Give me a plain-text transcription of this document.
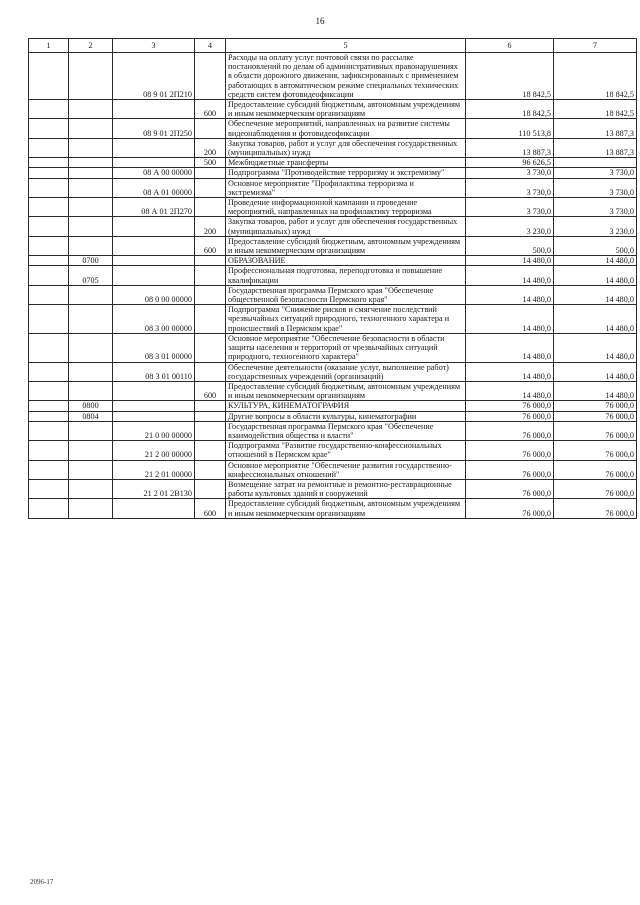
16
1	2	3	4	5	6	7
		08 9 01 2П210		Расходы на оплату услуг почтовой связи по рассылке постановлений по делам об административных правонарушениях в области дорожного движения, зафиксированных с применением работающих в автоматическом режиме специальных технических средств систем фотовидеофиксации	18 842,5	18 842,5
			600	Предоставление субсидий бюджетным, автономным учреждениям и иным некоммерческим организациям	18 842,5	18 842,5
		08 9 01 2П250		Обеспечение мероприятий, направленных на развитие системы видеонаблюдения и фотовидеофиксации	110 513,8	13 887,3
			200	Закупка товаров, работ и услуг для обеспечения государственных (муниципальных) нужд	13 887,3	13 887,3
			500	Межбюджетные трансферты	96 626,5	
		08 А 00 00000		Подпрограмма "Противодействие терроризму и экстремизму"	3 730,0	3 730,0
		08 А 01 00000		Основное мероприятие "Профилактика терроризма и экстремизма"	3 730,0	3 730,0
		08 А 01 2П270		Проведение информационной кампании и проведение мероприятий, направленных на профилактику терроризма	3 730,0	3 730,0
			200	Закупка товаров, работ и услуг для обеспечения государственных (муниципальных) нужд	3 230,0	3 230,0
			600	Предоставление субсидий бюджетным, автономным учреждениям и иным некоммерческим организациям	500,0	500,0
	0700			ОБРАЗОВАНИЕ	14 480,0	14 480,0
	0705			Профессиональная подготовка, переподготовка и повышение квалификации	14 480,0	14 480,0
		08 0 00 00000		Государственная программа Пермского края "Обеспечение общественной безопасности Пермского края"	14 480,0	14 480,0
		08 3 00 00000		Подпрограмма "Снижение рисков и смягчение последствий чрезвычайных ситуаций природного, техногенного характера и происшествий в Пермском крае"	14 480,0	14 480,0
		08 3 01 00000		Основное мероприятие "Обеспечение безопасности в области защиты населения и территорий от чрезвычайных ситуаций природного, техногенного характера"	14 480,0	14 480,0
		08 3 01 00110		Обеспечение деятельности (оказание услуг, выполнение работ) государственных учреждений (организаций)	14 480,0	14 480,0
			600	Предоставление субсидий бюджетным, автономным учреждениям и иным некоммерческим организациям	14 480,0	14 480,0
	0800			КУЛЬТУРА, КИНЕМАТОГРАФИЯ	76 000,0	76 000,0
	0804			Другие вопросы в области культуры, кинематографии	76 000,0	76 000,0
		21 0 00 00000		Государственная программа Пермского края "Обеспечение взаимодействия общества и власти"	76 000,0	76 000,0
		21 2 00 00000		Подпрограмма "Развитие государственно-конфессиональных отношений в Пермском крае"	76 000,0	76 000,0
		21 2 01 00000		Основное мероприятие "Обеспечение развития государственно-конфессиональных отношений"	76 000,0	76 000,0
		21 2 01 2В130		Возмещение затрат на ремонтные и ремонтно-реставрационные работы культовых зданий и сооружений	76 000,0	76 000,0
			600	Предоставление субсидий бюджетным, автономным учреждениям и иным некоммерческим организациям	76 000,0	76 000,0
2096-17
